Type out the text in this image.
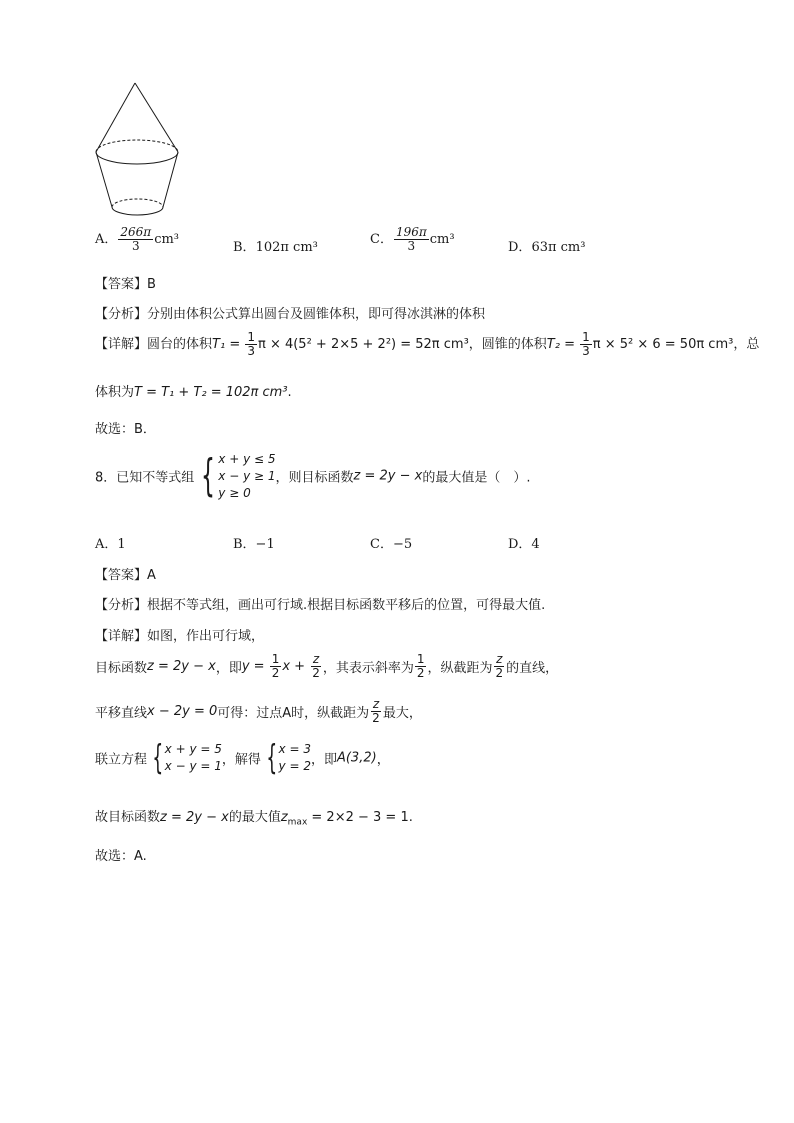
A． $\frac{266\pi}{3} cm^3$
B．102π cm³
C． $\frac{196\pi}{3} cm^3$
D．63π cm³
【答案】B
【分析】分别由体积公式算出圆台及圆锥体积，即可得冰淇淋的体积
【详解】圆台的体积$T_1 = \frac{1}{3}$ π × 4(5² + 2×5 + 2²) = 52π cm³，圆锥的体积$T_2 = \frac{1}{3}$ π × 5² × 6 = 50π cm³，总
体积为T = T₁ + T₂ = 102π cm³.
故选：B．
8．已知不等式组 { x + y ≤ 5
x − y ≥ 1
y ≥ 0
，则目标函数z = 2y − x的最大值是（　）.
A．1	B．−1	C．−5	D．4
【答案】A
【分析】根据不等式组，画出可行域.根据目标函数平移后的位置，可得最大值.
【详解】如图，作出可行域，
目标函数z = 2y − x，即$y = \frac{1}{2}$ $x + \frac{z}{2}$ ，其表示斜率为 $\frac{1}{2}$ ，纵截距为 $\frac{z}{2}$ 的直线，
平移直线x − 2y = 0可得：过点A时，纵截距为 $\frac{z}{2}$ 最大，
联立方程 { x + y = 5
x − y = 1 ，解得 { x = 3
y = 2 ，即A(3,2)，
故目标函数z = 2y − x的最大值$z_{max} = 2\times 2 - 3 = 1$.
故选：A.
